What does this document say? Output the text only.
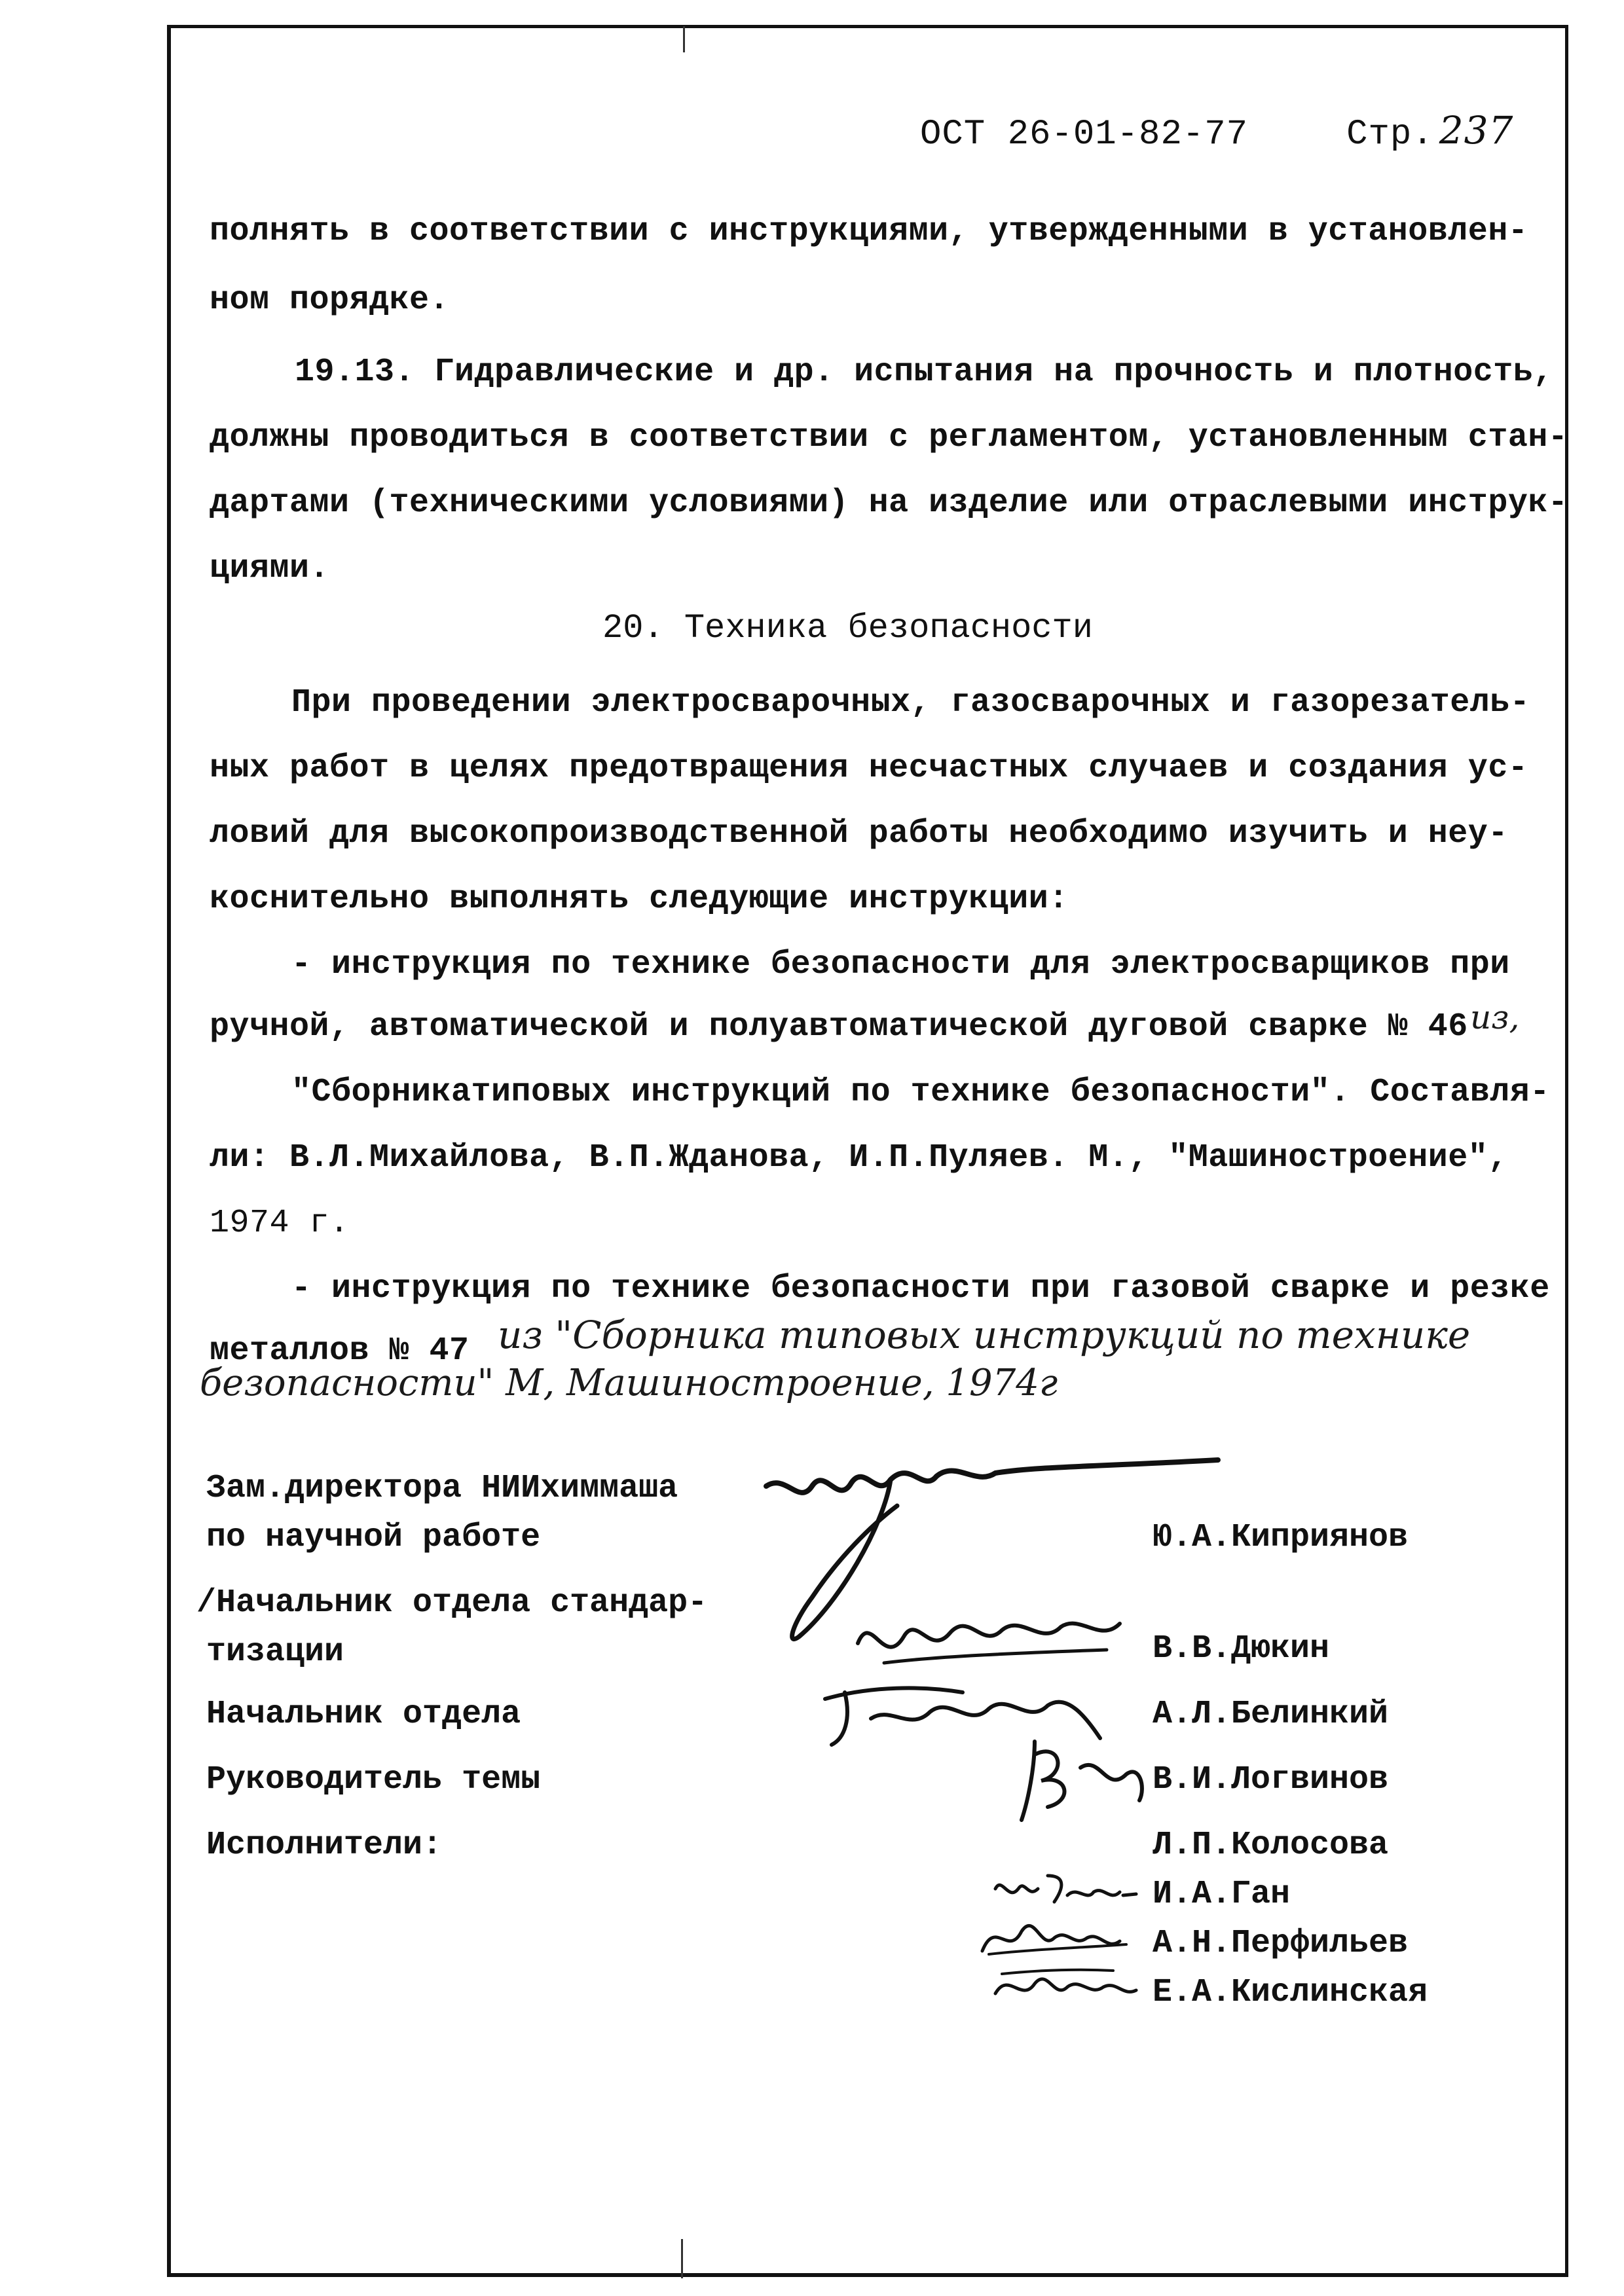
ОСТ 26-01-82-77	Стр. 237
полнять в соответствии с инструкциями, утвержденными в установлен-
ном порядке.
19.13. Гидравлические и др. испытания на прочность и плотность,
должны проводиться в соответствии с регламентом, установленным стан-
дартами (техническими условиями) на изделие или отраслевыми инструк-
циями.
20. Техника безопасности
При проведении электросварочных, газосварочных и газорезатель-
ных работ в целях предотвращения несчастных случаев и создания ус-
ловий для высокопроизводственной работы необходимо изучить и неу-
коснительно выполнять следующие инструкции:
- инструкция по технике безопасности для электросварщиков при
ручной, автоматической и полуавтоматической дуговой сварке № 46 из,
"Сборникатиповых инструкций по технике безопасности". Составля-
ли: В.Л.Михайлова, В.П.Жданова, И.П.Пуляев. М., "Машиностроение",
1974 г.
- инструкция по технике безопасности при газовой сварке и резке
металлов № 47 из "Сборника типовых инструкций по технике
безопасности" М, Машиностроение, 1974г
Зам.директора НИИхиммаша
по научной работе
/Начальник отдела стандар-
тизации
Начальник отдела
Руководитель темы
Исполнители:
Ю.А.Киприянов
В.В.Дюкин
А.Л.Белинкий
В.И.Логвинов
Л.П.Колосова
И.А.Ган
А.Н.Перфильев
Е.А.Кислинская
